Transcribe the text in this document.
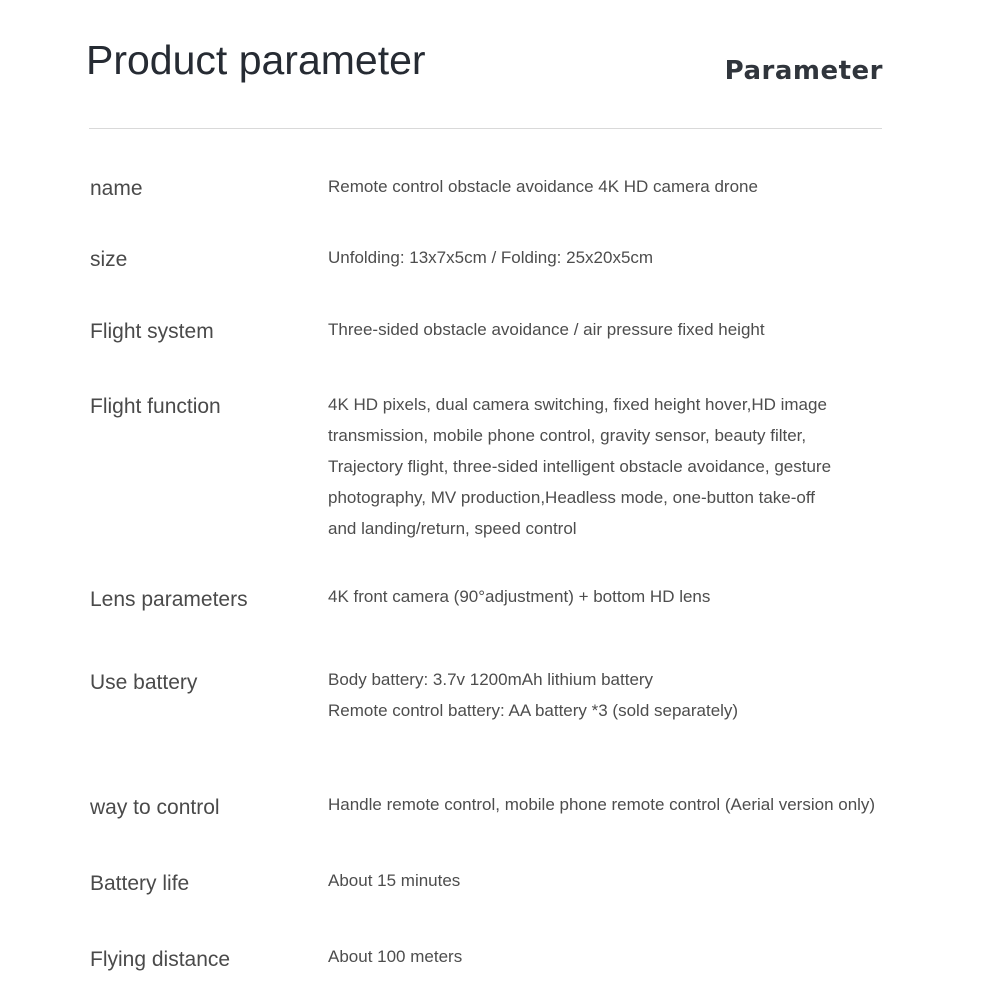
Product parameter	Parameter
name	Remote control obstacle avoidance 4K HD camera drone
size	Unfolding: 13x7x5cm / Folding: 25x20x5cm
Flight system	Three-sided obstacle avoidance / air pressure fixed height
Flight function	4K HD pixels, dual camera switching, fixed height hover,HD image
transmission, mobile phone control, gravity sensor, beauty filter,
Trajectory flight, three-sided intelligent obstacle avoidance, gesture
photography, MV production,Headless mode, one-button take-off
and landing/return, speed control
Lens parameters	4K front camera (90°adjustment) + bottom HD lens
Use battery	Body battery: 3.7v 1200mAh lithium battery
Remote control battery: AA battery *3 (sold separately)
way to control	Handle remote control, mobile phone remote control (Aerial version only)
Battery life	About 15 minutes
Flying distance	About 100 meters
